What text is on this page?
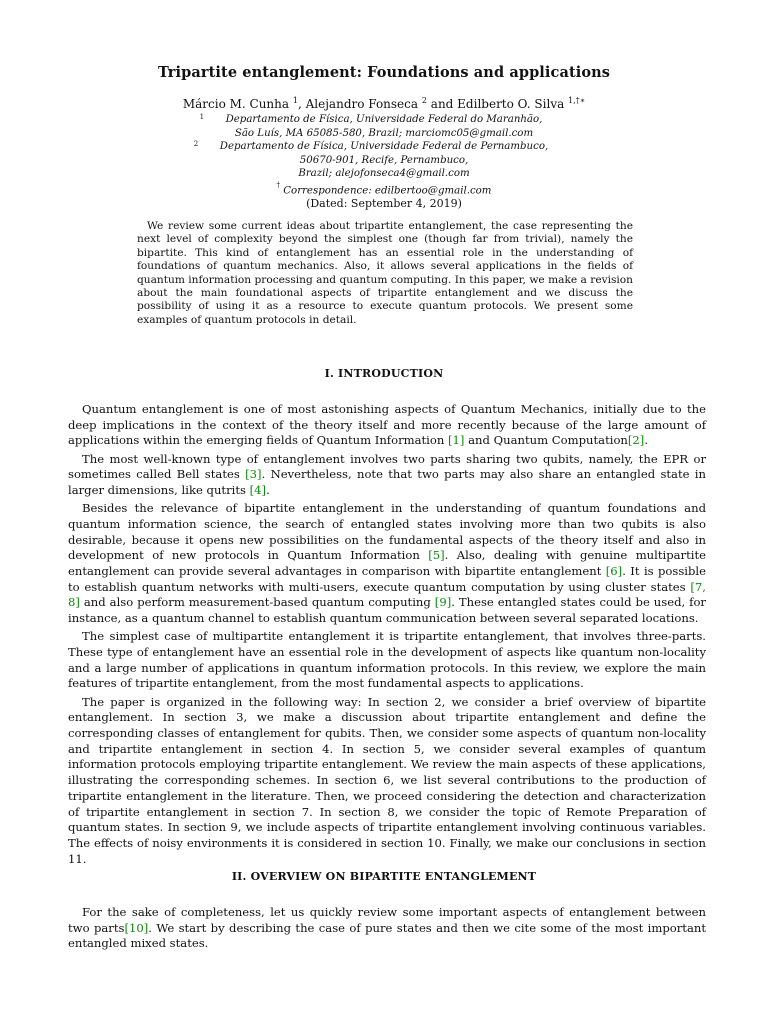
Tripartite entanglement: Foundations and applications
Márcio M. Cunha $^1$, Alejandro Fonseca $^2$ and Edilberto O. Silva $^{1,\dagger∗}$
1 Departamento de Física, Universidade Federal do Maranhão,
São Luís, MA 65085-580, Brazil; marciomc05@gmail.com
2 Departamento de Física, Universidade Federal de Pernambuco,
50670-901, Recife, Pernambuco,
Brazil; alejofonseca4@gmail.com
† Correspondence: edilbertoo@gmail.com
(Dated: September 4, 2019)
We review some current ideas about tripartite entanglement, the case representing the next level of complexity beyond the simplest one (though far from trivial), namely the bipartite. This kind of entanglement has an essential role in the understanding of foundations of quantum mechanics. Also, it allows several applications in the fields of quantum information processing and quantum computing. In this paper, we make a revision about the main foundational aspects of tripartite entanglement and we discuss the possibility of using it as a resource to execute quantum protocols. We present some examples of quantum protocols in detail.
I. INTRODUCTION

Quantum entanglement is one of most astonishing aspects of Quantum Mechanics, initially due to the deep implications in the context of the theory itself and more recently because of the large amount of applications within the emerging fields of Quantum Information [1] and Quantum Computation[2].

The most well-known type of entanglement involves two parts sharing two qubits, namely, the EPR or sometimes called Bell states [3]. Nevertheless, note that two parts may also share an entangled state in larger dimensions, like qutrits [4].

Besides the relevance of bipartite entanglement in the understanding of quantum foundations and quantum information science, the search of entangled states involving more than two qubits is also desirable, because it opens new possibilities on the fundamental aspects of the theory itself and also in development of new protocols in Quantum Information [5]. Also, dealing with genuine multipartite entanglement can provide several advantages in comparison with bipartite entanglement [6]. It is possible to establish quantum networks with multi-users, execute quantum computation by using cluster states [7, 8] and also perform measurement-based quantum computing [9]. These entangled states could be used, for instance, as a quantum channel to establish quantum communication between several separated locations.

The simplest case of multipartite entanglement it is tripartite entanglement, that involves three-parts. These type of entanglement have an essential role in the development of aspects like quantum non-locality and a large number of applications in quantum information protocols. In this review, we explore the main features of tripartite entanglement, from the most fundamental aspects to applications.

The paper is organized in the following way: In section 2, we consider a brief overview of bipartite entanglement. In section 3, we make a discussion about tripartite entanglement and define the corresponding classes of entanglement for qubits. Then, we consider some aspects of quantum non-locality and tripartite entanglement in section 4. In section 5, we consider several examples of quantum information protocols employing tripartite entanglement. We review the main aspects of these applications, illustrating the corresponding schemes. In section 6, we list several contributions to the production of tripartite entanglement in the literature. Then, we proceed considering the detection and characterization of tripartite entanglement in section 7. In section 8, we consider the topic of Remote Preparation of quantum states. In section 9, we include aspects of tripartite entanglement involving continuous variables. The effects of noisy environments it is considered in section 10. Finally, we make our conclusions in section 11.

II. OVERVIEW ON BIPARTITE ENTANGLEMENT

For the sake of completeness, let us quickly review some important aspects of entanglement between two parts[10]. We start by describing the case of pure states and then we cite some of the most important entangled mixed states.
